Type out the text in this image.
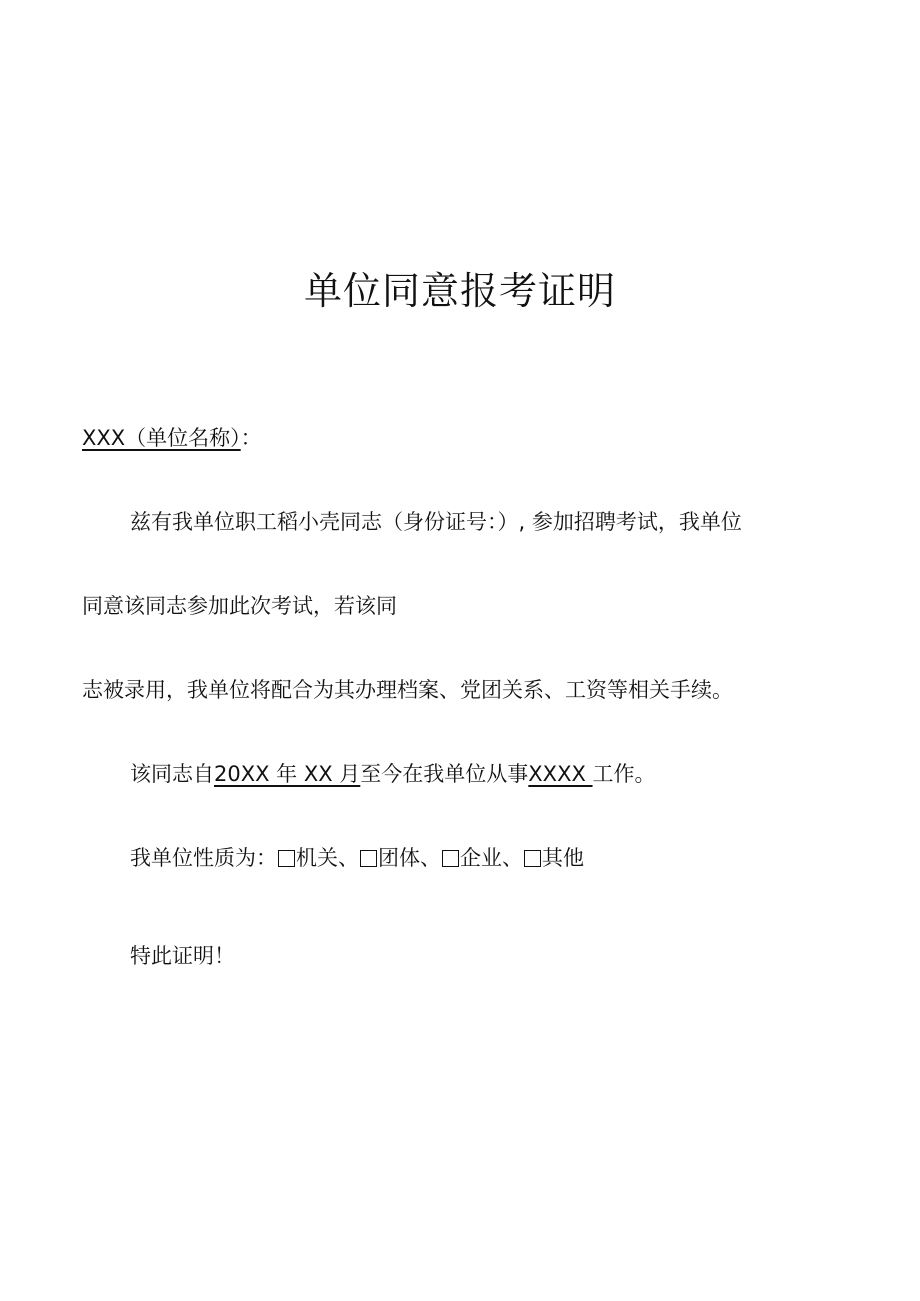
单位同意报考证明
XXX（单位名称）：
兹有我单位职工稻小壳同志（身份证号：）, 参加招聘考试，我单位
同意该同志参加此次考试，若该同
志被录用，我单位将配合为其办理档案、党团关系、工资等相关手续。
该同志自20XX 年 XX 月至今在我单位从事XXXX 工作。
我单位性质为： 机关、 团体、 企业、 其他
特此证明！
